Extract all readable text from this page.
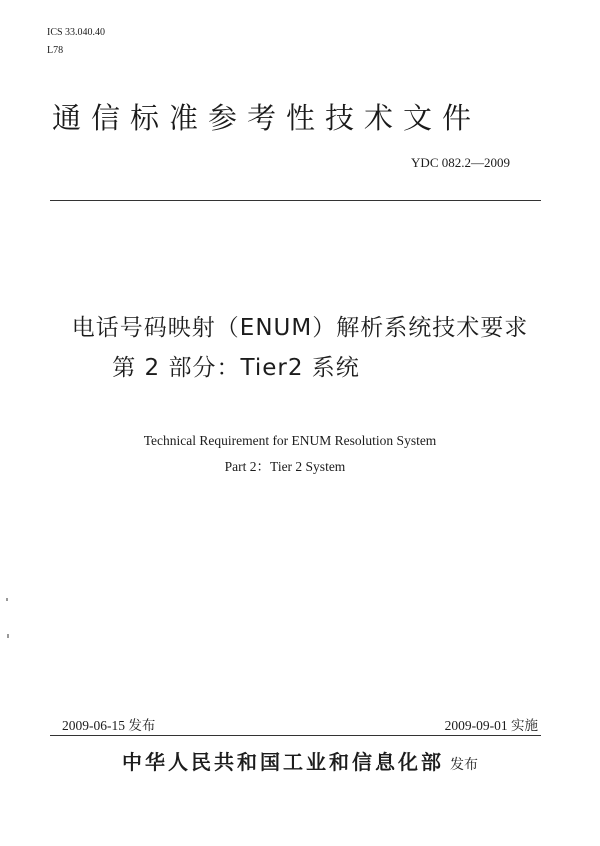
ICS 33.040.40
L78
通信标准参考性技术文件
YDC 082.2—2009
电话号码映射（ENUM）解析系统技术要求
第 2 部分：Tier2 系统
Technical Requirement for ENUM Resolution System
Part 2：Tier 2 System
2009-06-15 发布	2009-09-01 实施
中华人民共和国工业和信息化部 发布
